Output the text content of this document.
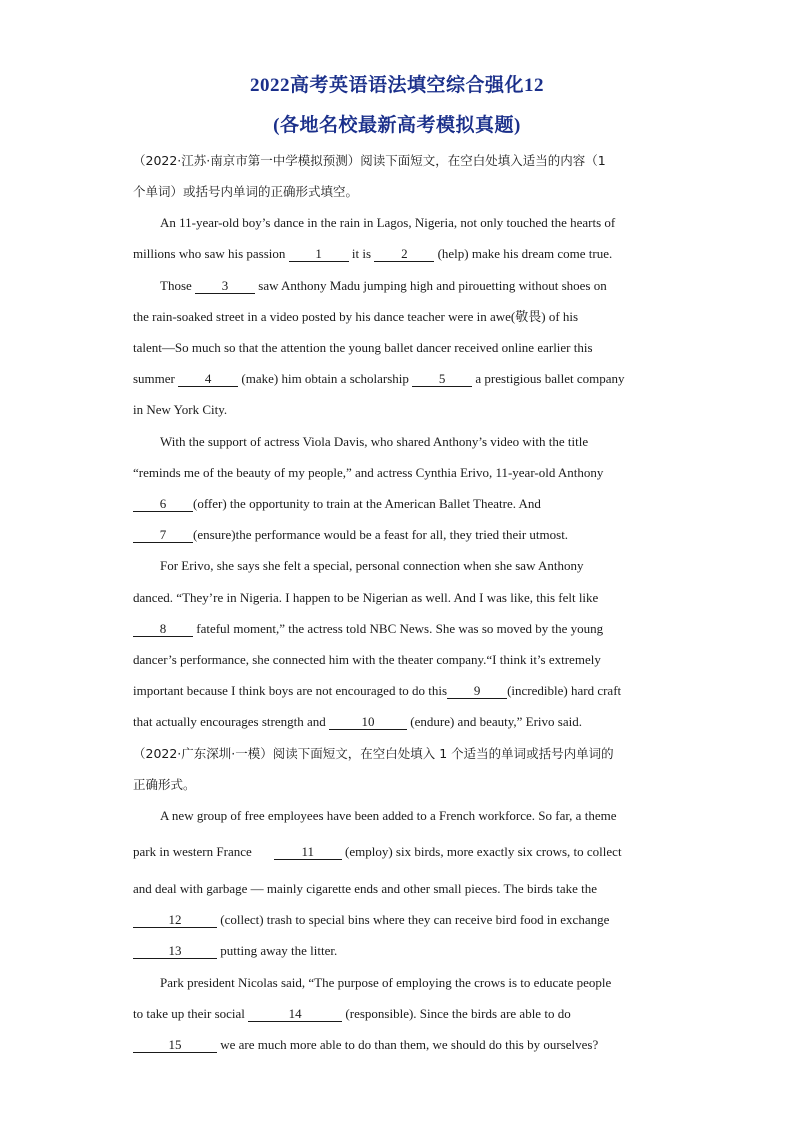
2022高考英语语法填空综合强化12
(各地名校最新高考模拟真题)
（2022·江苏·南京市第一中学模拟预测）阅读下面短文，在空白处填入适当的内容（1
个单词）或括号内单词的正确形式填空。
An 11-year-old boy’s dance in the rain in Lagos, Nigeria, not only touched the hearts of
millions who saw his passion 1 it is 2 (help) make his dream come true.
Those 3 saw Anthony Madu jumping high and pirouetting without shoes on
the rain-soaked street in a video posted by his dance teacher were in awe(敬畏) of his
talent—So much so that the attention the young ballet dancer received online earlier this
summer 4 (make) him obtain a scholarship 5 a prestigious ballet company
in New York City.
With the support of actress Viola Davis, who shared Anthony’s video with the title
“reminds me of the beauty of my people,” and actress Cynthia Erivo, 11-year-old Anthony
6 (offer) the opportunity to train at the American Ballet Theatre. And
7 (ensure)the performance would be a feast for all, they tried their utmost.
For Erivo, she says she felt a special, personal connection when she saw Anthony
danced. “They’re in Nigeria. I happen to be Nigerian as well. And I was like, this felt like
8 fateful moment,” the actress told NBC News. She was so moved by the young
dancer’s performance, she connected him with the theater company.“I think it’s extremely
important because I think boys are not encouraged to do this 9 (incredible) hard craft
that actually encourages strength and	10	(endure) and beauty,” Erivo said.
（2022·广东深圳·一模）阅读下面短文，在空白处填入 1 个适当的单词或括号内单词的
正确形式。
A new group of free employees have been added to a French workforce. So far, a theme
park in western France	11 (employ) six birds, more exactly six crows, to collect
and deal with garbage — mainly cigarette ends and other small pieces. The birds take the
12	(collect) trash to special bins where they can receive bird food in exchange
13	putting away the litter.
Park president Nicolas said, “The purpose of employing the crows is to educate people
to take up their social	14	(responsible). Since the birds are able to do
15	we are much more able to do than them, we should do this by ourselves?
